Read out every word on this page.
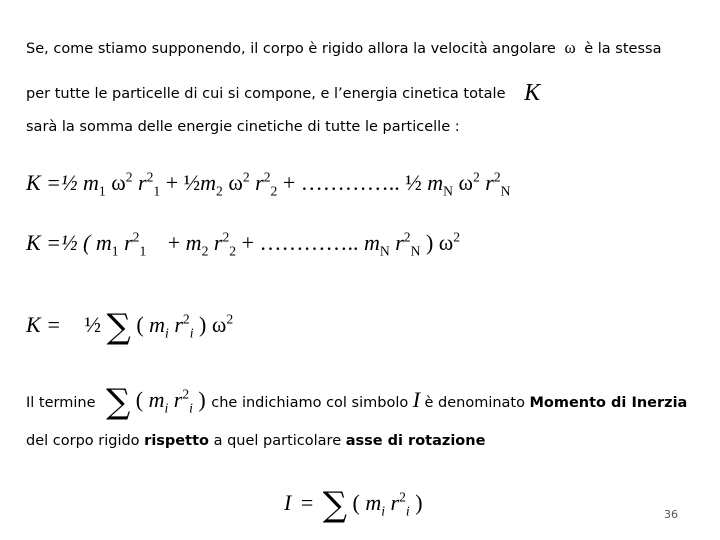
Se, come stiamo supponendo, il corpo è rigido allora la velocità angolare ω è la stessa
per tutte le particelle di cui si compone, e l’energia cinetica totale K
sarà la somma delle energie cinetiche di tutte le particelle :
K =½ $m_1$ $\omega^2$ $r^2_1$ + $\frac{1}{2}m_2$ $\omega^2$ $r^2_2$ + ………….. ½ $m_N$ $\omega^2$ $r^2_N$
K =½ ( $m_1$ $r^2_1 + m_2$ $r^2_2$ + ………….. $m_N$ $r^2_N$ ) $\omega^2$
K = ½ ∑ ( $m_i$ $r^2_i$ ) $\omega^2$
Il termine ∑ ( $m_i$ $r^2_i$ ) che indichiamo col simbolo I è denominato Momento di Inerzia
del corpo rigido rispetto a quel particolare asse di rotazione
I = ∑ ( $m_i$ $r^2_i$ )	36
